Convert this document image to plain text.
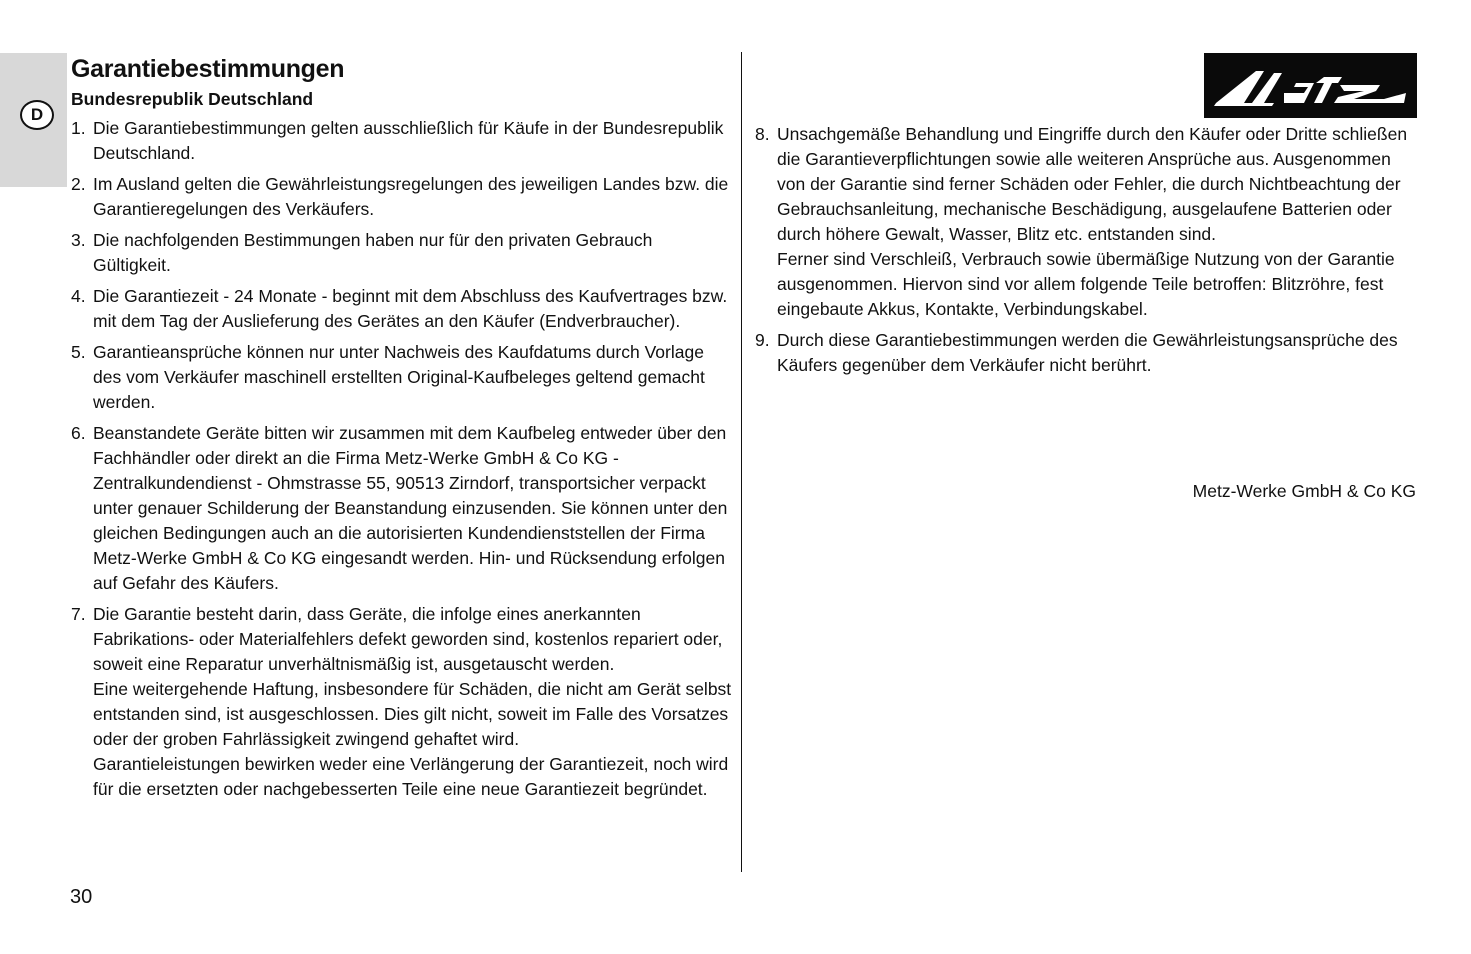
D
Garantiebestimmungen
Bundesrepublik Deutschland
1. Die Garantiebestimmungen gelten ausschließlich für Käufe in der Bundesrepublik Deutschland.

2. Im Ausland gelten die Gewährleistungsregelungen des jeweiligen Landes bzw. die Garantieregelungen des Verkäufers.

3. Die nachfolgenden Bestimmungen haben nur für den privaten Gebrauch Gültigkeit.

4. Die Garantiezeit - 24 Monate - beginnt mit dem Abschluss des Kaufvertrages bzw. mit dem Tag der Auslieferung des Gerätes an den Käufer (Endverbraucher).

5. Garantieansprüche können nur unter Nachweis des Kaufdatums durch Vorlage des vom Verkäufer maschinell erstellten Original-Kaufbeleges geltend gemacht werden.

6. Beanstandete Geräte bitten wir zusammen mit dem Kaufbeleg entweder über den Fachhändler oder direkt an die Firma Metz-Werke GmbH & Co KG - Zentralkundendienst - Ohmstrasse 55, 90513 Zirndorf, transportsicher verpackt unter genauer Schilderung der Beanstandung einzusenden. Sie können unter den gleichen Bedingungen auch an die autorisierten Kundendienststellen der Firma Metz-Werke GmbH & Co KG eingesandt werden. Hin- und Rücksendung erfolgen auf Gefahr des Käufers.

7. Die Garantie besteht darin, dass Geräte, die infolge eines anerkannten Fabrikations- oder Materialfehlers defekt geworden sind, kostenlos repariert oder, soweit eine Reparatur unverhältnismäßig ist, ausgetauscht werden.

Eine weitergehende Haftung, insbesondere für Schäden, die nicht am Gerät selbst entstanden sind, ist ausgeschlossen. Dies gilt nicht, soweit im Falle des Vorsatzes oder der groben Fahrlässigkeit zwingend gehaftet wird.

Garantieleistungen bewirken weder eine Verlängerung der Garantiezeit, noch wird für die ersetzten oder nachgebesserten Teile eine neue Garantiezeit begründet.

8. Unsachgemäße Behandlung und Eingriffe durch den Käufer oder Dritte schließen die Garantieverpflichtungen sowie alle weiteren Ansprüche aus. Ausgenommen von der Garantie sind ferner Schäden oder Fehler, die durch Nichtbeachtung der Gebrauchsanleitung, mechanische Beschädigung, ausgelaufene Batterien oder durch höhere Gewalt, Wasser, Blitz etc. entstanden sind.

Ferner sind Verschleiß, Verbrauch sowie übermäßige Nutzung von der Garantie ausgenommen. Hiervon sind vor allem folgende Teile betroffen: Blitzröhre, fest eingebaute Akkus, Kontakte, Verbindungskabel.

9. Durch diese Garantiebestimmungen werden die Gewährleistungsansprüche des Käufers gegenüber dem Verkäufer nicht berührt.

Metz-Werke GmbH & Co KG
30
